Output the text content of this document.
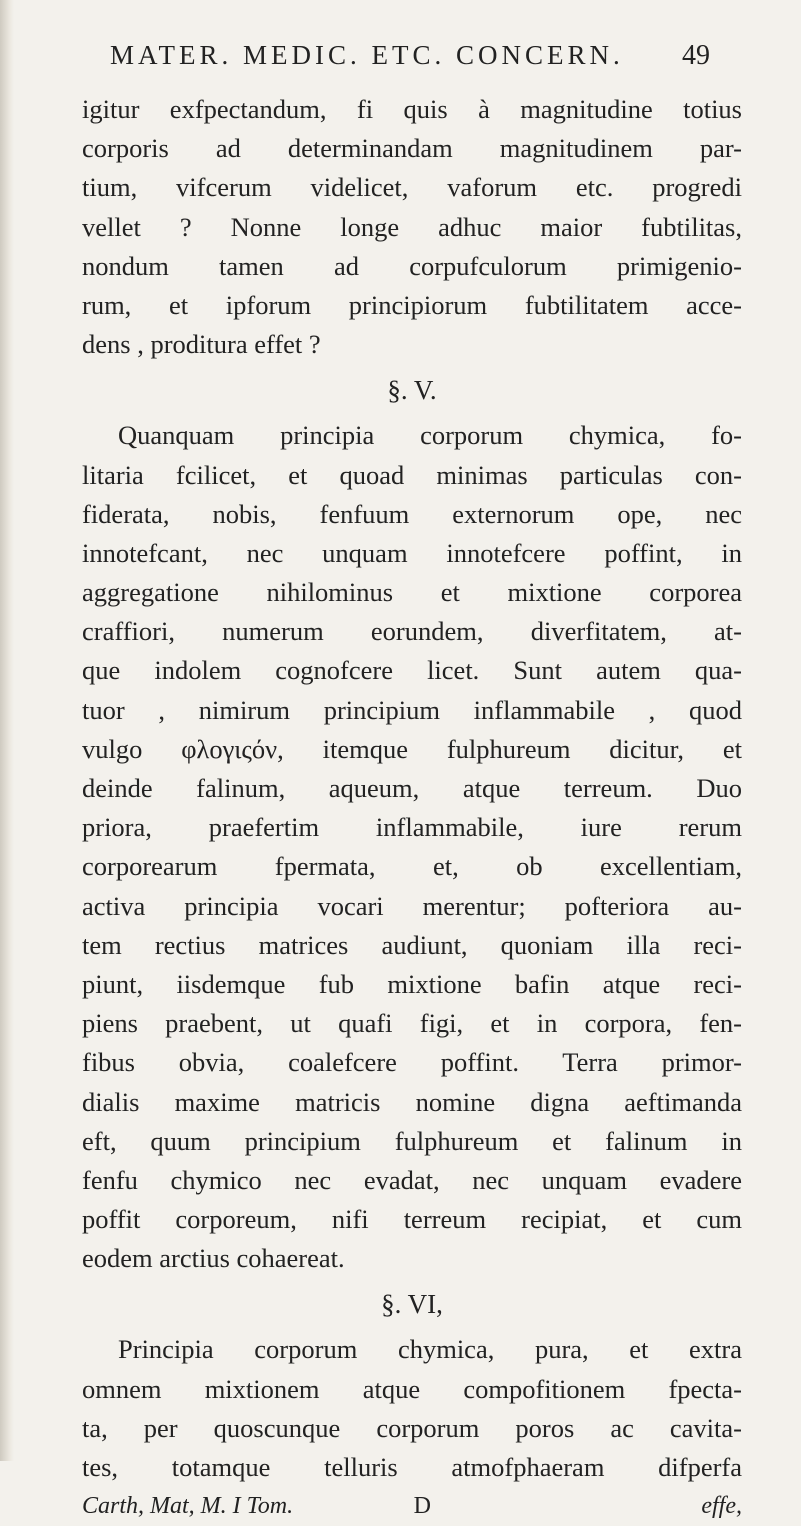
MATER. MEDIC. ETC. CONCERN. 49
igitur exfpectandum, fi quis à magnitudine totius
corporis ad determinandam magnitudinem par-
tium, vifcerum videlicet, vaforum etc. progredi
vellet ? Nonne longe adhuc maior fubtilitas,
nondum tamen ad corpufculorum primigenio-
rum, et ipforum principiorum fubtilitatem acce-
dens , proditura effet ?
§. V.
Quanquam principia corporum chymica, fo-
litaria fcilicet, et quoad minimas particulas con-
fiderata, nobis, fenfuum externorum ope, nec
innotefcant, nec unquam innotefcere poffint, in
aggregatione nihilominus et mixtione corporea
craffiori, numerum eorundem, diverfitatem, at-
que indolem cognofcere licet. Sunt autem qua-
tuor , nimirum principium inflammabile , quod
vulgo φλογιςόν, itemque fulphureum dicitur, et
deinde falinum, aqueum, atque terreum. Duo
priora, praefertim inflammabile, iure rerum
corporearum fpermata, et, ob excellentiam,
activa principia vocari merentur; pofteriora au-
tem rectius matrices audiunt, quoniam illa reci-
piunt, iisdemque fub mixtione bafin atque reci-
piens praebent, ut quafi figi, et in corpora, fen-
fibus obvia, coalefcere poffint. Terra primor-
dialis maxime matricis nomine digna aeftimanda
eft, quum principium fulphureum et falinum in
fenfu chymico nec evadat, nec unquam evadere
poffit corporeum, nifi terreum recipiat, et cum
eodem arctius cohaereat.
§. VI,
Principia corporum chymica, pura, et extra
omnem mixtionem atque compofitionem fpecta-
ta, per quoscunque corporum poros ac cavita-
tes, totamque telluris atmofphaeram difperfa
Carth, Mat, M. I Tom.	D	effe,
